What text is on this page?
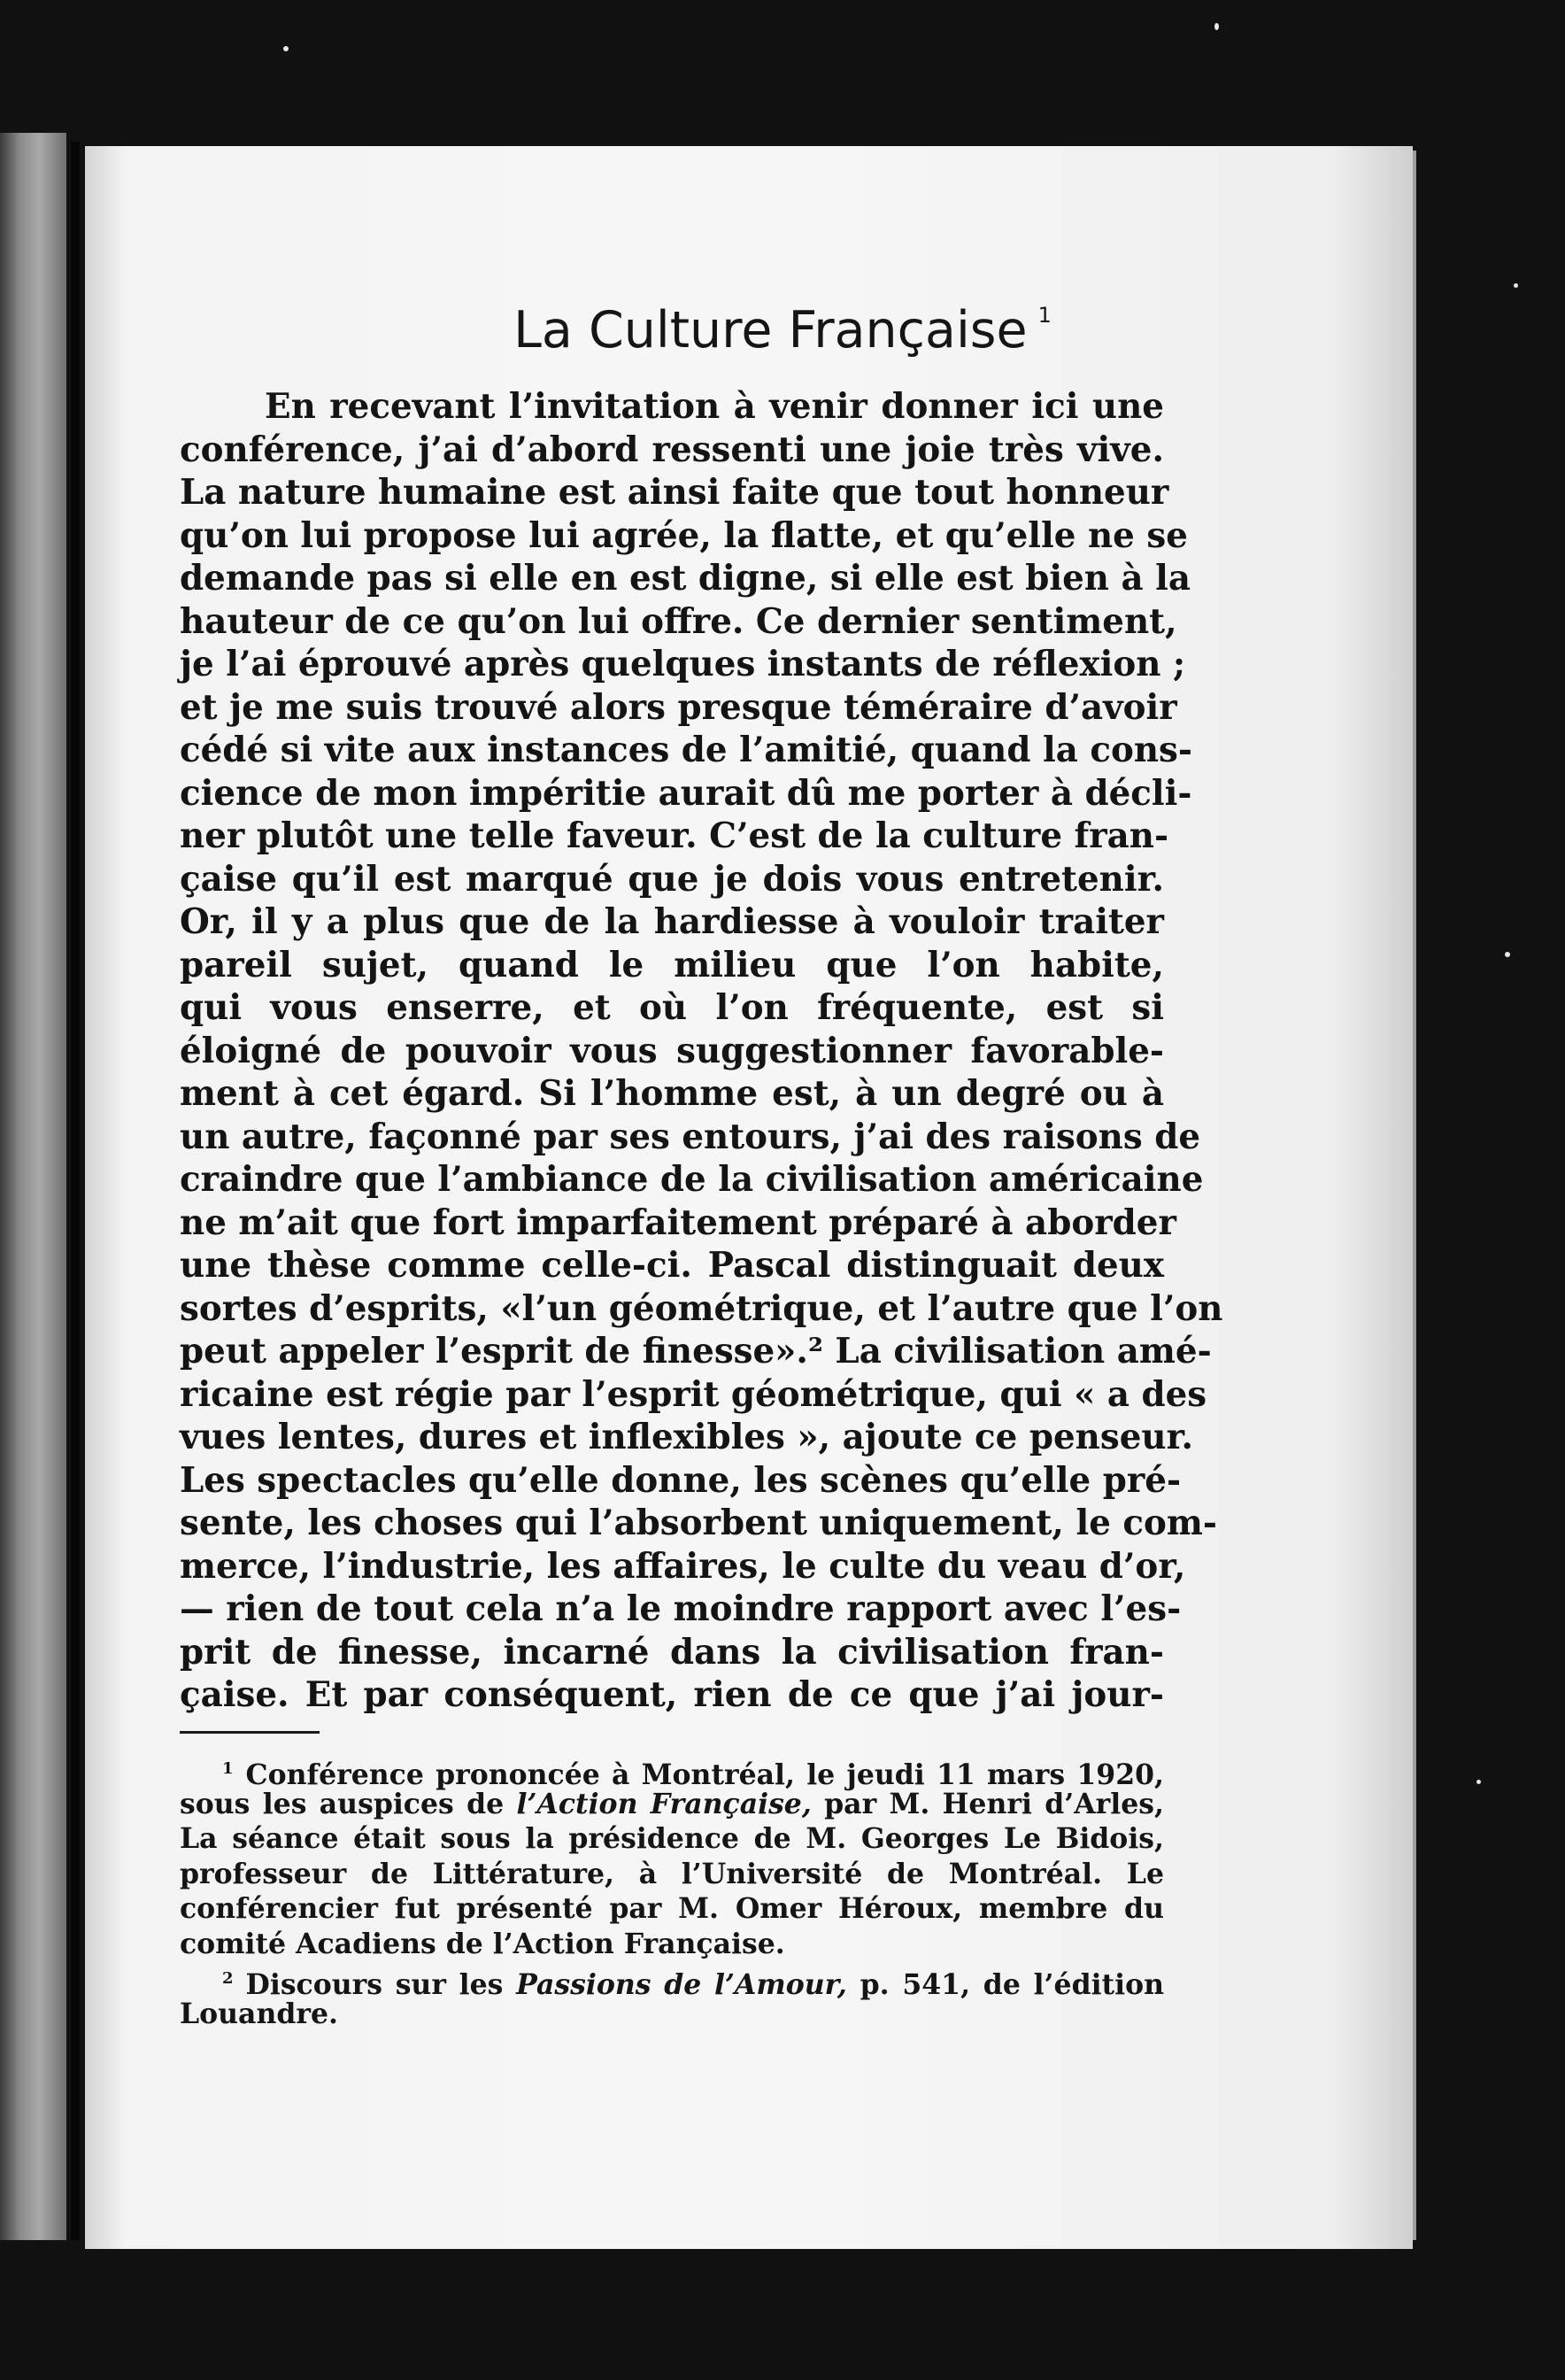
La Culture Française $^1$
En recevant l’invitation à venir donner ici une
conférence, j’ai d’abord ressenti une joie très vive.
La nature humaine est ainsi faite que tout honneur
qu’on lui propose lui agrée, la flatte, et qu’elle ne se
demande pas si elle en est digne, si elle est bien à la
hauteur de ce qu’on lui offre. Ce dernier sentiment,
je l’ai éprouvé après quelques instants de réflexion ;
et je me suis trouvé alors presque téméraire d’avoir
cédé si vite aux instances de l’amitié, quand la cons-
cience de mon impéritie aurait dû me porter à décli-
ner plutôt une telle faveur. C’est de la culture fran-
çaise qu’il est marqué que je dois vous entretenir.
Or, il y a plus que de la hardiesse à vouloir traiter
pareil sujet, quand le milieu que l’on habite,
qui vous enserre, et où l’on fréquente, est si
éloigné de pouvoir vous suggestionner favorable-
ment à cet égard. Si l’homme est, à un degré ou à
un autre, façonné par ses entours, j’ai des raisons de
craindre que l’ambiance de la civilisation américaine
ne m’ait que fort imparfaitement préparé à aborder
une thèse comme celle-ci. Pascal distinguait deux
sortes d’esprits, «l’un géométrique, et l’autre que l’on
peut appeler l’esprit de finesse».² La civilisation amé-
ricaine est régie par l’esprit géométrique, qui « a des
vues lentes, dures et inflexibles », ajoute ce penseur.
Les spectacles qu’elle donne, les scènes qu’elle pré-
sente, les choses qui l’absorbent uniquement, le com-
merce, l’industrie, les affaires, le culte du veau d’or,
— rien de tout cela n’a le moindre rapport avec l’es-
prit de finesse, incarné dans la civilisation fran-
çaise. Et par conséquent, rien de ce que j’ai jour-
$^1$ Conférence prononcée à Montréal, le jeudi 11 mars 1920,
sous les auspices de l’Action Française, par M. Henri d’Arles,
La séance était sous la présidence de M. Georges Le Bidois,
professeur de Littérature, à l’Université de Montréal. Le
conférencier fut présenté par M. Omer Héroux, membre du
comité Acadiens de l’Action Française.
$^2$ Discours sur les Passions de l’Amour, p. 541, de l’édition
Louandre.
